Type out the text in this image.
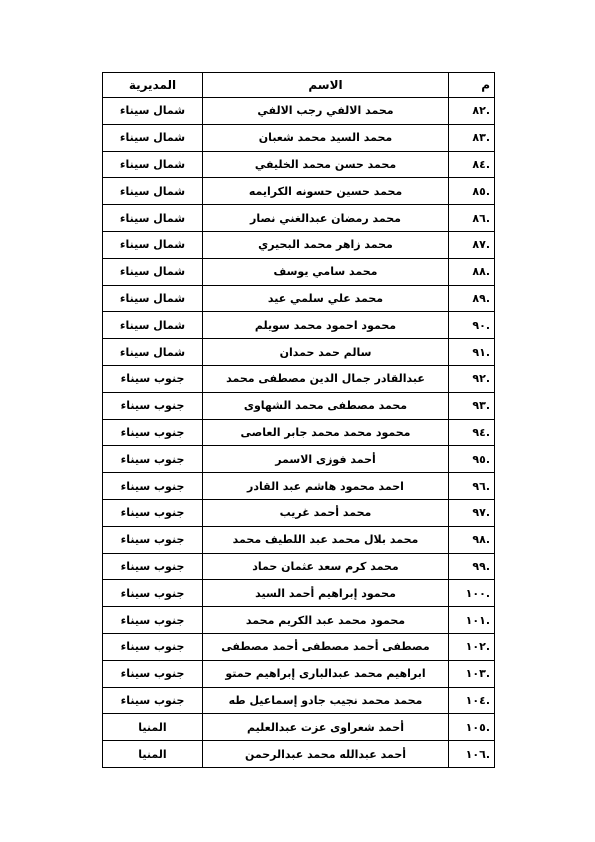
م	الاسم	المديرية
.٨٢	محمد الالفي رجب الالفي	شمال سيناء
.٨٣	محمد السيد محمد شعبان	شمال سيناء
.٨٤	محمد حسن محمد الخليفي	شمال سيناء
.٨٥	محمد حسين حسونه الكرايمه	شمال سيناء
.٨٦	محمد رمضان عبدالغني نصار	شمال سيناء
.٨٧	محمد زاهر محمد البحيري	شمال سيناء
.٨٨	محمد سامي يوسف	شمال سيناء
.٨٩	محمد علي سلمي عيد	شمال سيناء
.٩٠	محمود احمود محمد سويلم	شمال سيناء
.٩١	سالم حمد حمدان	شمال سيناء
.٩٢	عبدالقادر جمال الدين مصطفى محمد	جنوب سيناء
.٩٣	محمد مصطفى محمد الشهاوى	جنوب سيناء
.٩٤	محمود محمد محمد جابر العاصى	جنوب سيناء
.٩٥	أحمد فوزى الاسمر	جنوب سيناء
.٩٦	احمد محمود هاشم عبد القادر	جنوب سيناء
.٩٧	محمد أحمد غريب	جنوب سيناء
.٩٨	محمد بلال محمد عبد اللطيف محمد	جنوب سيناء
.٩٩	محمد كرم سعد عثمان حماد	جنوب سيناء
.١٠٠	محمود إبراهيم أحمد السيد	جنوب سيناء
.١٠١	محمود محمد عبد الكريم محمد	جنوب سيناء
.١٠٢	مصطفى أحمد مصطفى أحمد مصطفى	جنوب سيناء
.١٠٣	ابراهيم محمد عبدالبارى إبراهيم حمتو	جنوب سيناء
.١٠٤	محمد محمد نجيب جادو إسماعيل طه	جنوب سيناء
.١٠٥	أحمد شعراوى عزت عبدالعليم	المنيا
.١٠٦	أحمد عبدالله محمد عبدالرحمن	المنيا
